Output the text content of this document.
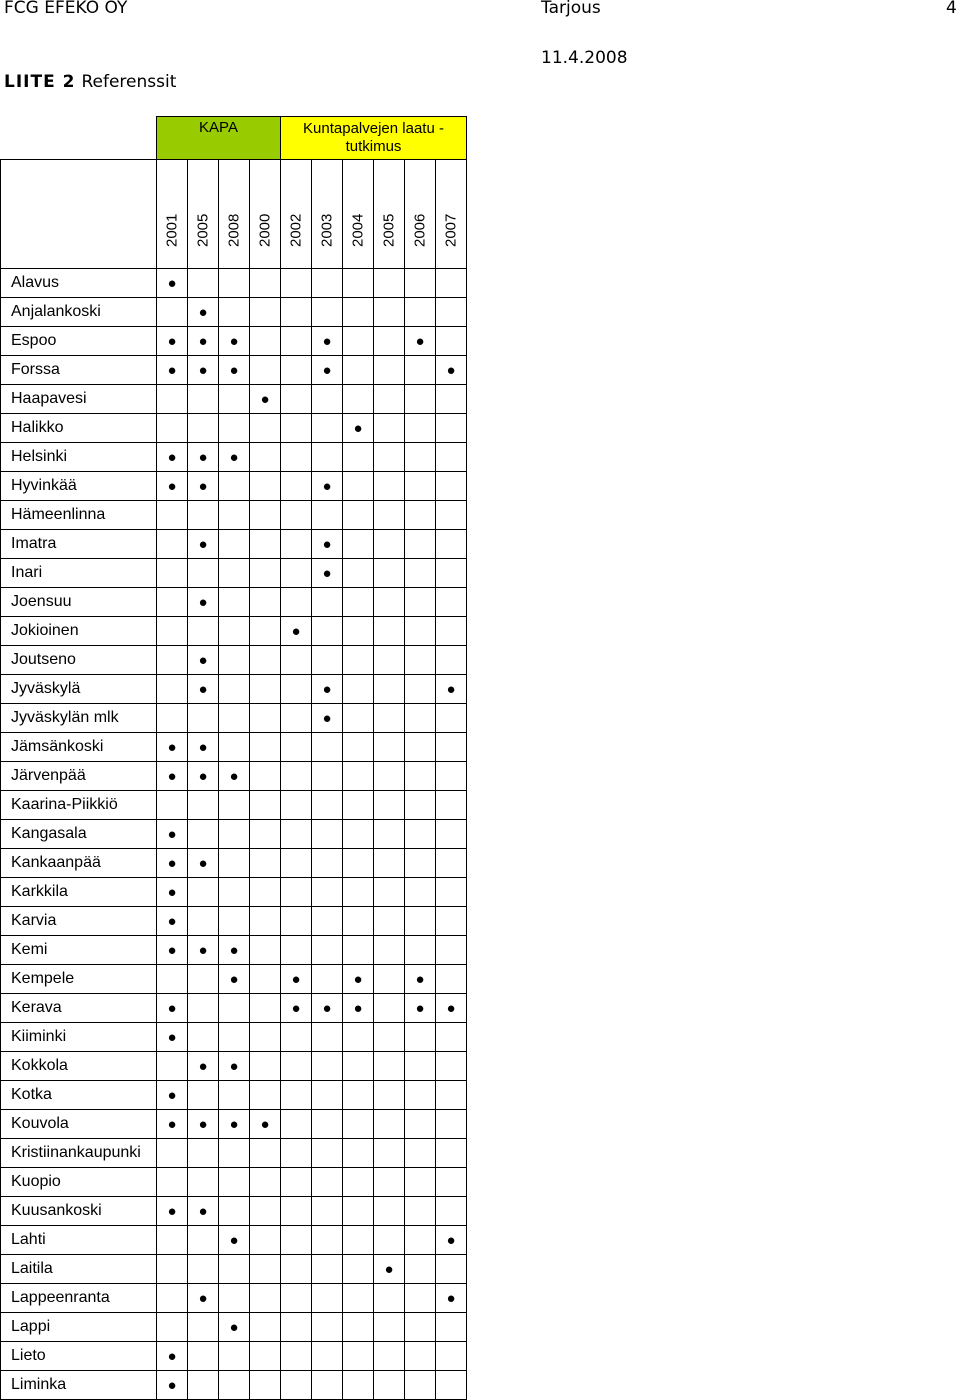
FCG EFEKO OY	Tarjous	4
11.4.2008
LIITE 2 Referenssit
	KAPA				Kuntapalvejen laatu - tutkimus					

	2001	2005	2008	2000	2002	2003	2004	2005	2006	2007

Alavus	●									
Anjalankoski		●								
Espoo	●	●	●			●			●	
Forssa	●	●	●			●				●
Haapavesi				●						
Halikko							●			
Helsinki	●	●	●							
Hyvinkää	●	●				●				
Hämeenlinna										
Imatra		●				●				
Inari						●				
Joensuu		●								
Jokioinen					●					
Joutseno		●								
Jyväskylä		●				●				●
Jyväskylän mlk						●				
Jämsänkoski	●	●								
Järvenpää	●	●	●							
Kaarina-Piikkiö										
Kangasala	●									
Kankaanpää	●	●								
Karkkila	●									
Karvia	●									
Kemi	●	●	●							
Kempele			●		●		●		●	
Kerava	●				●	●	●		●	●
Kiiminki	●									
Kokkola		●	●							
Kotka	●									
Kouvola	●	●	●	●						
Kristiinankaupunki										
Kuopio										
Kuusankoski	●	●								
Lahti			●							●
Laitila								●		
Lappeenranta		●								●
Lappi			●							
Lieto	●									
Liminka	●									
